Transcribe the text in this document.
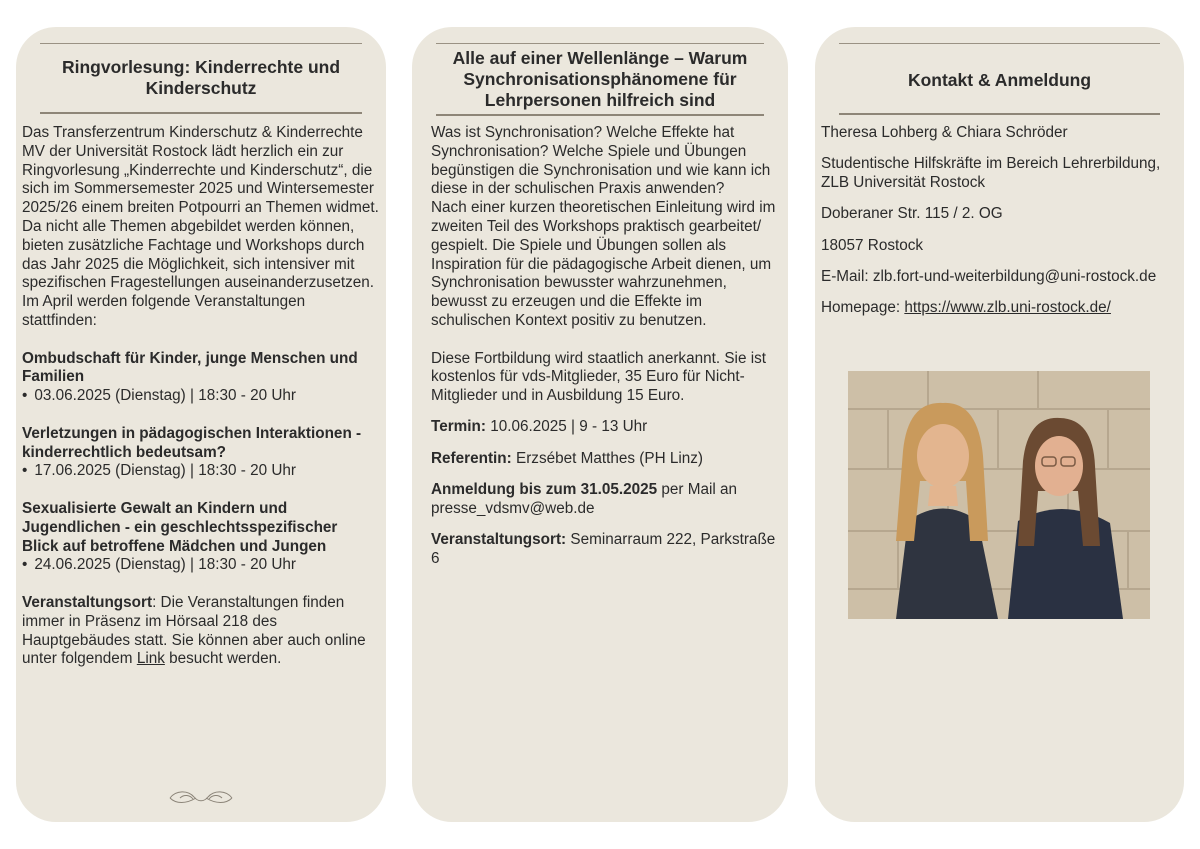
Ringvorlesung: Kinderrechte und Kinderschutz

Das Transferzentrum Kinderschutz & Kinderrechte MV der Universität Rostock lädt herzlich ein zur Ringvorlesung „Kinderrechte und Kinderschutz“, die sich im Sommersemester 2025 und Wintersemester 2025/26 einem breiten Potpourri an Themen widmet. Da nicht alle Themen abgebildet werden können, bieten zusätzliche Fachtage und Workshops durch das Jahr 2025 die Möglichkeit, sich intensiver mit spezifischen Fragestellungen auseinanderzusetzen. Im April werden folgende Veranstaltungen stattfinden:

Ombudschaft für Kinder, junge Menschen und Familien

• 03.06.2025 (Dienstag) | 18:30 - 20 Uhr

Verletzungen in pädagogischen Interaktionen - kinderrechtlich bedeutsam?

• 17.06.2025 (Dienstag) | 18:30 - 20 Uhr

Sexualisierte Gewalt an Kindern und Jugendlichen - ein geschlechtsspezifischer Blick auf betroffene Mädchen und Jungen

• 24.06.2025 (Dienstag) | 18:30 - 20 Uhr

Veranstaltungsort: Die Veranstaltungen finden immer in Präsenz im Hörsaal 218 des Hauptgebäudes statt. Sie können aber auch online unter folgendem Link besucht werden.

Alle auf einer Wellenlänge – Warum Synchronisationsphänomene für Lehrpersonen hilfreich sind

Was ist Synchronisation? Welche Effekte hat Synchronisation? Welche Spiele und Übungen begünstigen die Synchronisation und wie kann ich diese in der schulischen Praxis anwenden?

Nach einer kurzen theoretischen Einleitung wird im zweiten Teil des Workshops praktisch gearbeitet/ gespielt. Die Spiele und Übungen sollen als Inspiration für die pädagogische Arbeit dienen, um Synchronisation bewusster wahrzunehmen, bewusst zu erzeugen und die Effekte im schulischen Kontext positiv zu benutzen.

Diese Fortbildung wird staatlich anerkannt. Sie ist kostenlos für vds-Mitglieder, 35 Euro für Nicht-Mitglieder und in Ausbildung 15 Euro.

Termin: 10.06.2025 | 9 - 13 Uhr

Referentin: Erzsébet Matthes (PH Linz)

Anmeldung bis zum 31.05.2025 per Mail an presse_vdsmv@web.de

Veranstaltungsort: Seminarraum 222, Parkstraße 6

Kontakt & Anmeldung

Theresa Lohberg & Chiara Schröder

Studentische Hilfskräfte im Bereich Lehrerbildung, ZLB Universität Rostock

Doberaner Str. 115 / 2. OG

18057 Rostock

E-Mail: zlb.fort-und-weiterbildung@uni-rostock.de

Homepage: https://www.zlb.uni-rostock.de/
